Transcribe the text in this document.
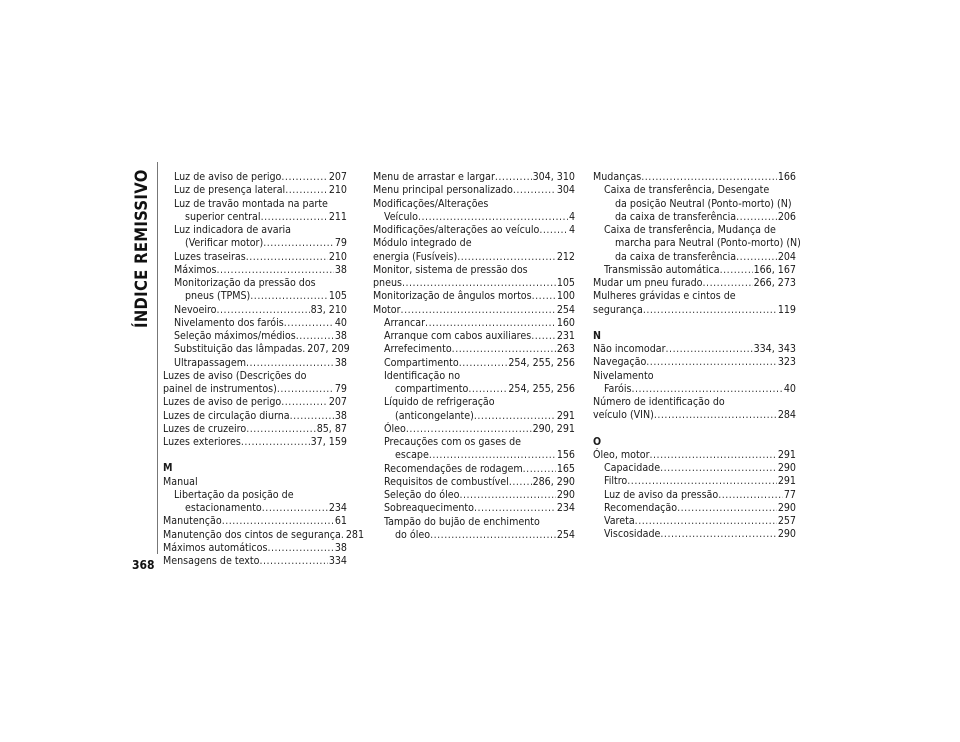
ÍNDICE REMISSIVO Luz de aviso de perigo .....	207
Luz de presença lateral .....	210
Luz de travão montada na parte
superior central .....	211
Luz indicadora de avaria
(Verificar motor) .....	79
Luzes traseiras .....	210
Máximos .....	38
Monitorização da pressão dos
pneus (TPMS) .....	105
Nevoeiro .....	83, 210
Nivelamento dos faróis .....	40
Seleção máximos/médios .....	38
Substituição das lâmpadas ..... 207, 209
Ultrapassagem .....	38
Luzes de aviso (Descrições do
painel de instrumentos) .....	79
Luzes de aviso de perigo .....	207
Luzes de circulação diurna .....	38
Luzes de cruzeiro .....	85, 87
Luzes exteriores .....	37, 159
M
Manual
Libertação da posição de
estacionamento .....	234
Manutenção .....	61
Manutenção dos cintos de segurança ..... 281
Máximos automáticos .....	38
Mensagens de texto .....	334
Menu de arrastar e largar .....	304, 310
Menu principal personalizado .....	304
Modificações/Alterações
Veículo .....	4
Modificações/alterações ao veículo .....	4
Módulo integrado de
energia (Fusíveis) .....	212
Monitor, sistema de pressão dos
pneus .....	105
Monitorização de ângulos mortos ..... 100
Motor .....	254
Arrancar .....	160
Arranque com cabos auxiliares ..... 231
Arrefecimento .....	263
Compartimento .....	254, 255, 256
Identificação no
compartimento .....	254, 255, 256
Líquido de refrigeração
(anticongelante) .....	291
Óleo .....	290, 291
Precauções com os gases de
escape .....	156
Recomendações de rodagem .....	165
Requisitos de combustível ..... 286, 290
Seleção do óleo .....	290
Sobreaquecimento .....	234
Tampão do bujão de enchimento
do óleo .....	254
Mudanças .....	166
Caixa de transferência, Desengate
da posição Neutral (Ponto-morto) (N)
da caixa de transferência .....	206
Caixa de transferência, Mudança de
marcha para Neutral (Ponto-morto) (N)
da caixa de transferência .....	204
Transmissão automática .....	166, 167
Mudar um pneu furado .....	266, 273
Mulheres grávidas e cintos de
segurança .....	119
N
Não incomodar .....	334, 343
Navegação .....	323
Nivelamento
Faróis .....	40
Número de identificação do
veículo (VIN) .....	284
O
Óleo, motor .....	291
Capacidade .....	290
Filtro .....	291
Luz de aviso da pressão .....	77
Recomendação .....	290
Vareta .....	257
Viscosidade .....	290
368
